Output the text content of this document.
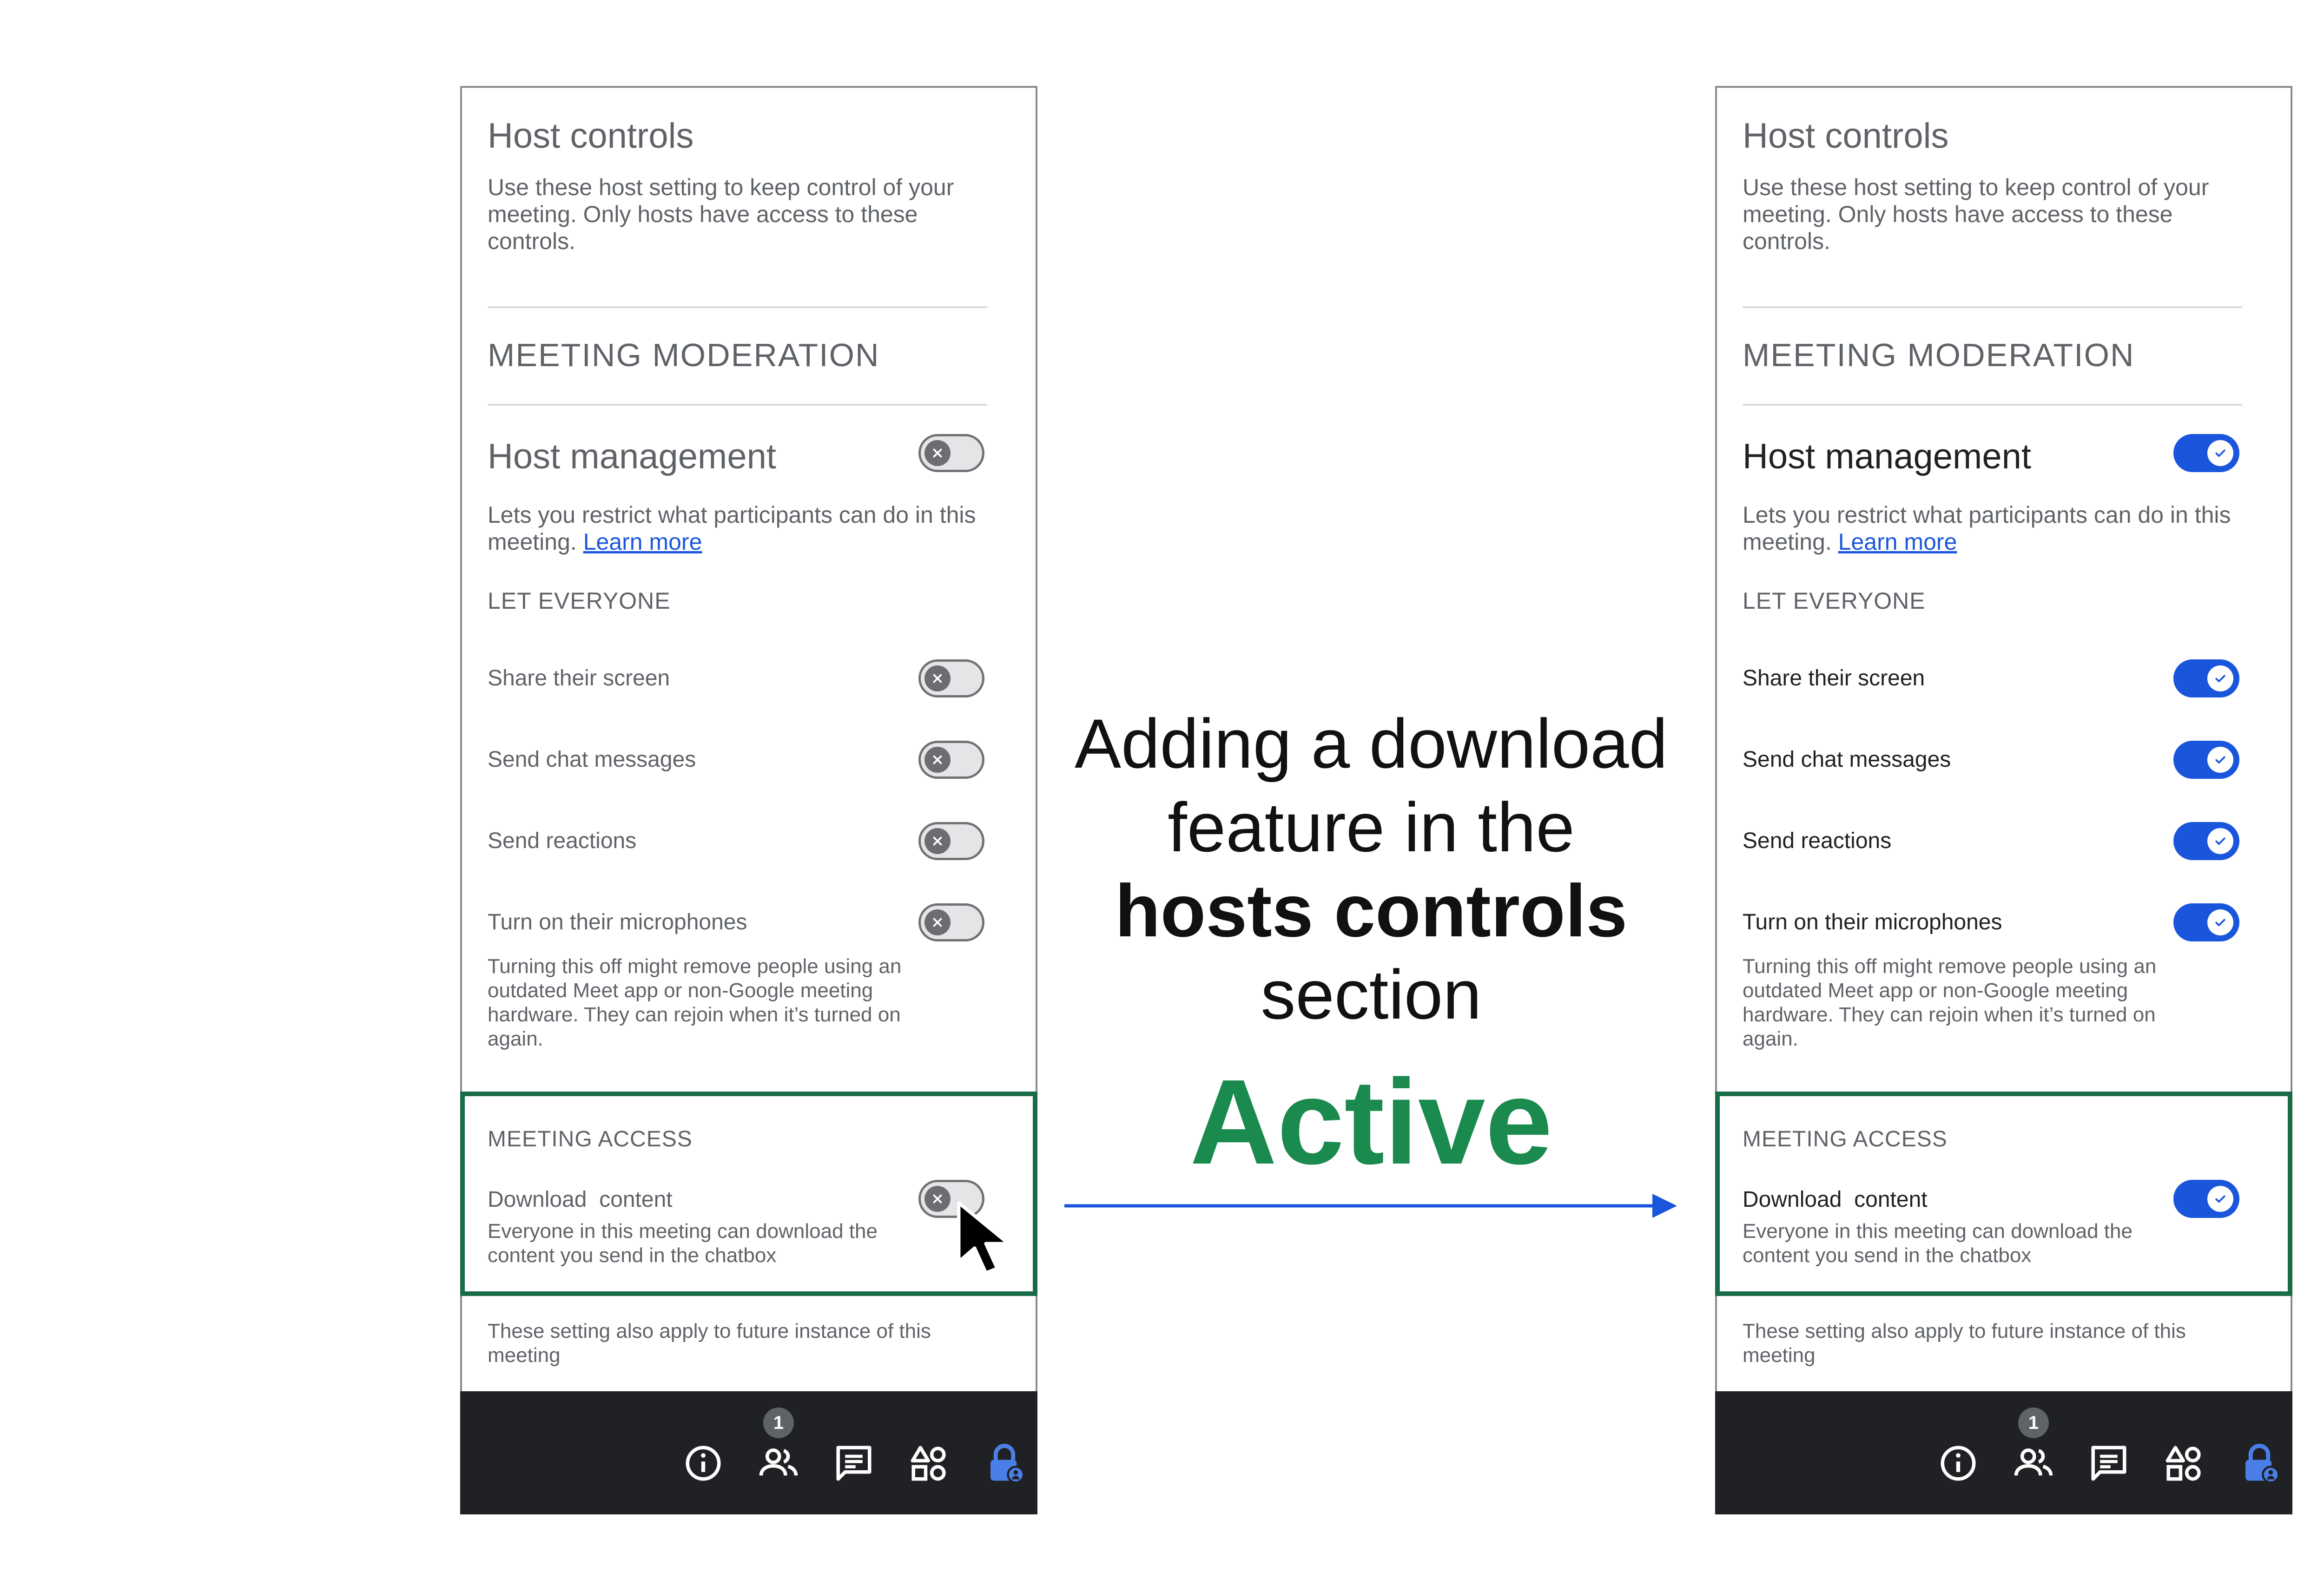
Host controls
Use these host setting to keep control of your meeting. Only hosts have access to these controls.
MEETING MODERATION
Host management
Lets you restrict what participants can do in this meeting. Learn more
LET EVERYONE
Share their screen
Send chat messages
Send reactions
Turn on their microphones
Turning this off might remove people using an outdated Meet app or non-Google meeting hardware. They can rejoin when it’s turned on again.
MEETING ACCESS
Download  content
Everyone in this meeting can download the content you send in the chatbox
These setting also apply to future instance of this meeting
1
Host controls
Use these host setting to keep control of your meeting. Only hosts have access to these controls.
MEETING MODERATION
Host management
Lets you restrict what participants can do in this meeting. Learn more
LET EVERYONE
Share their screen
Send chat messages
Send reactions
Turn on their microphones
Turning this off might remove people using an outdated Meet app or non-Google meeting hardware. They can rejoin when it’s turned on again.
MEETING ACCESS
Download  content
Everyone in this meeting can download the content you send in the chatbox
These setting also apply to future instance of this meeting
1
Adding a download
feature in the
hosts controls
section
Active
